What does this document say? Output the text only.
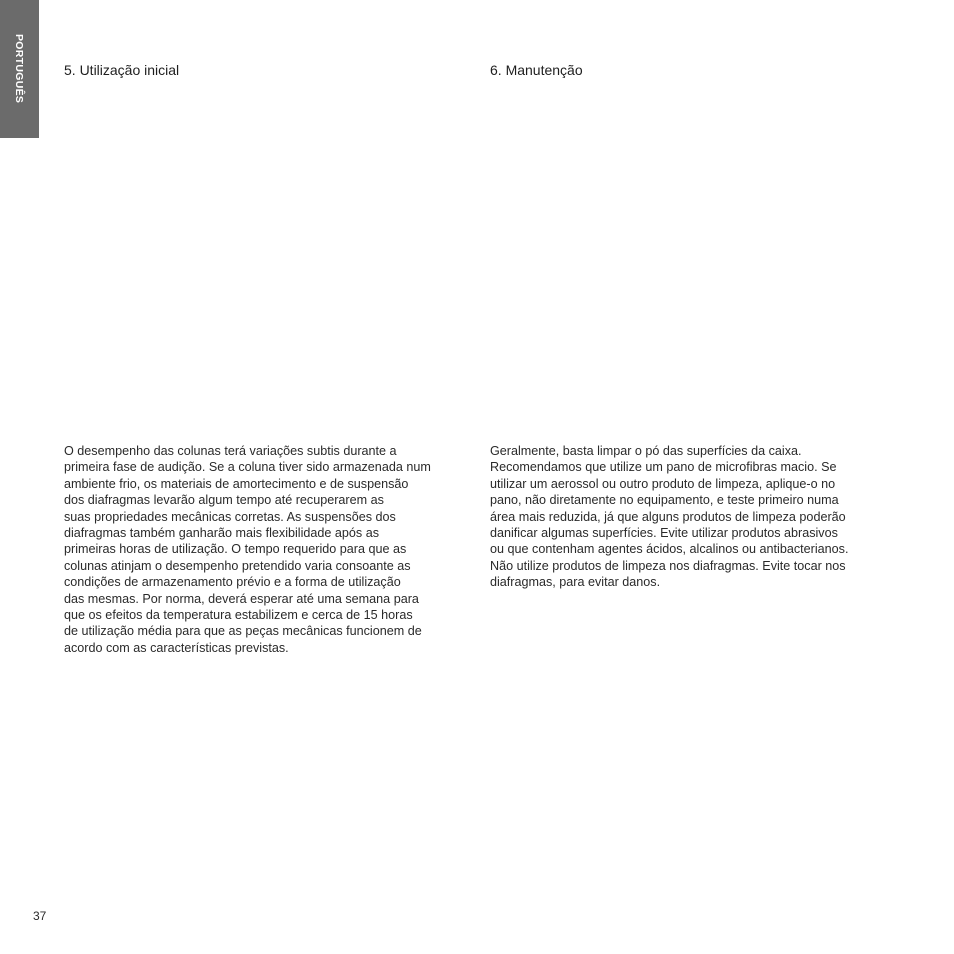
PORTUGUÊS	5. Utilização inicial	6. Manutenção

O desempenho das colunas terá variações subtis durante a
primeira fase de audição. Se a coluna tiver sido armazenada num
ambiente frio, os materiais de amortecimento e de suspensão
dos diafragmas levarão algum tempo até recuperarem as
suas propriedades mecânicas corretas. As suspensões dos
diafragmas também ganharão mais flexibilidade após as
primeiras horas de utilização. O tempo requerido para que as
colunas atinjam o desempenho pretendido varia consoante as
condições de armazenamento prévio e a forma de utilização
das mesmas. Por norma, deverá esperar até uma semana para
que os efeitos da temperatura estabilizem e cerca de 15 horas
de utilização média para que as peças mecânicas funcionem de
acordo com as características previstas.

Geralmente, basta limpar o pó das superfícies da caixa.
Recomendamos que utilize um pano de microfibras macio. Se
utilizar um aerossol ou outro produto de limpeza, aplique-o no
pano, não diretamente no equipamento, e teste primeiro numa
área mais reduzida, já que alguns produtos de limpeza poderão
danificar algumas superfícies. Evite utilizar produtos abrasivos
ou que contenham agentes ácidos, alcalinos ou antibacterianos.
Não utilize produtos de limpeza nos diafragmas. Evite tocar nos
diafragmas, para evitar danos.

37
